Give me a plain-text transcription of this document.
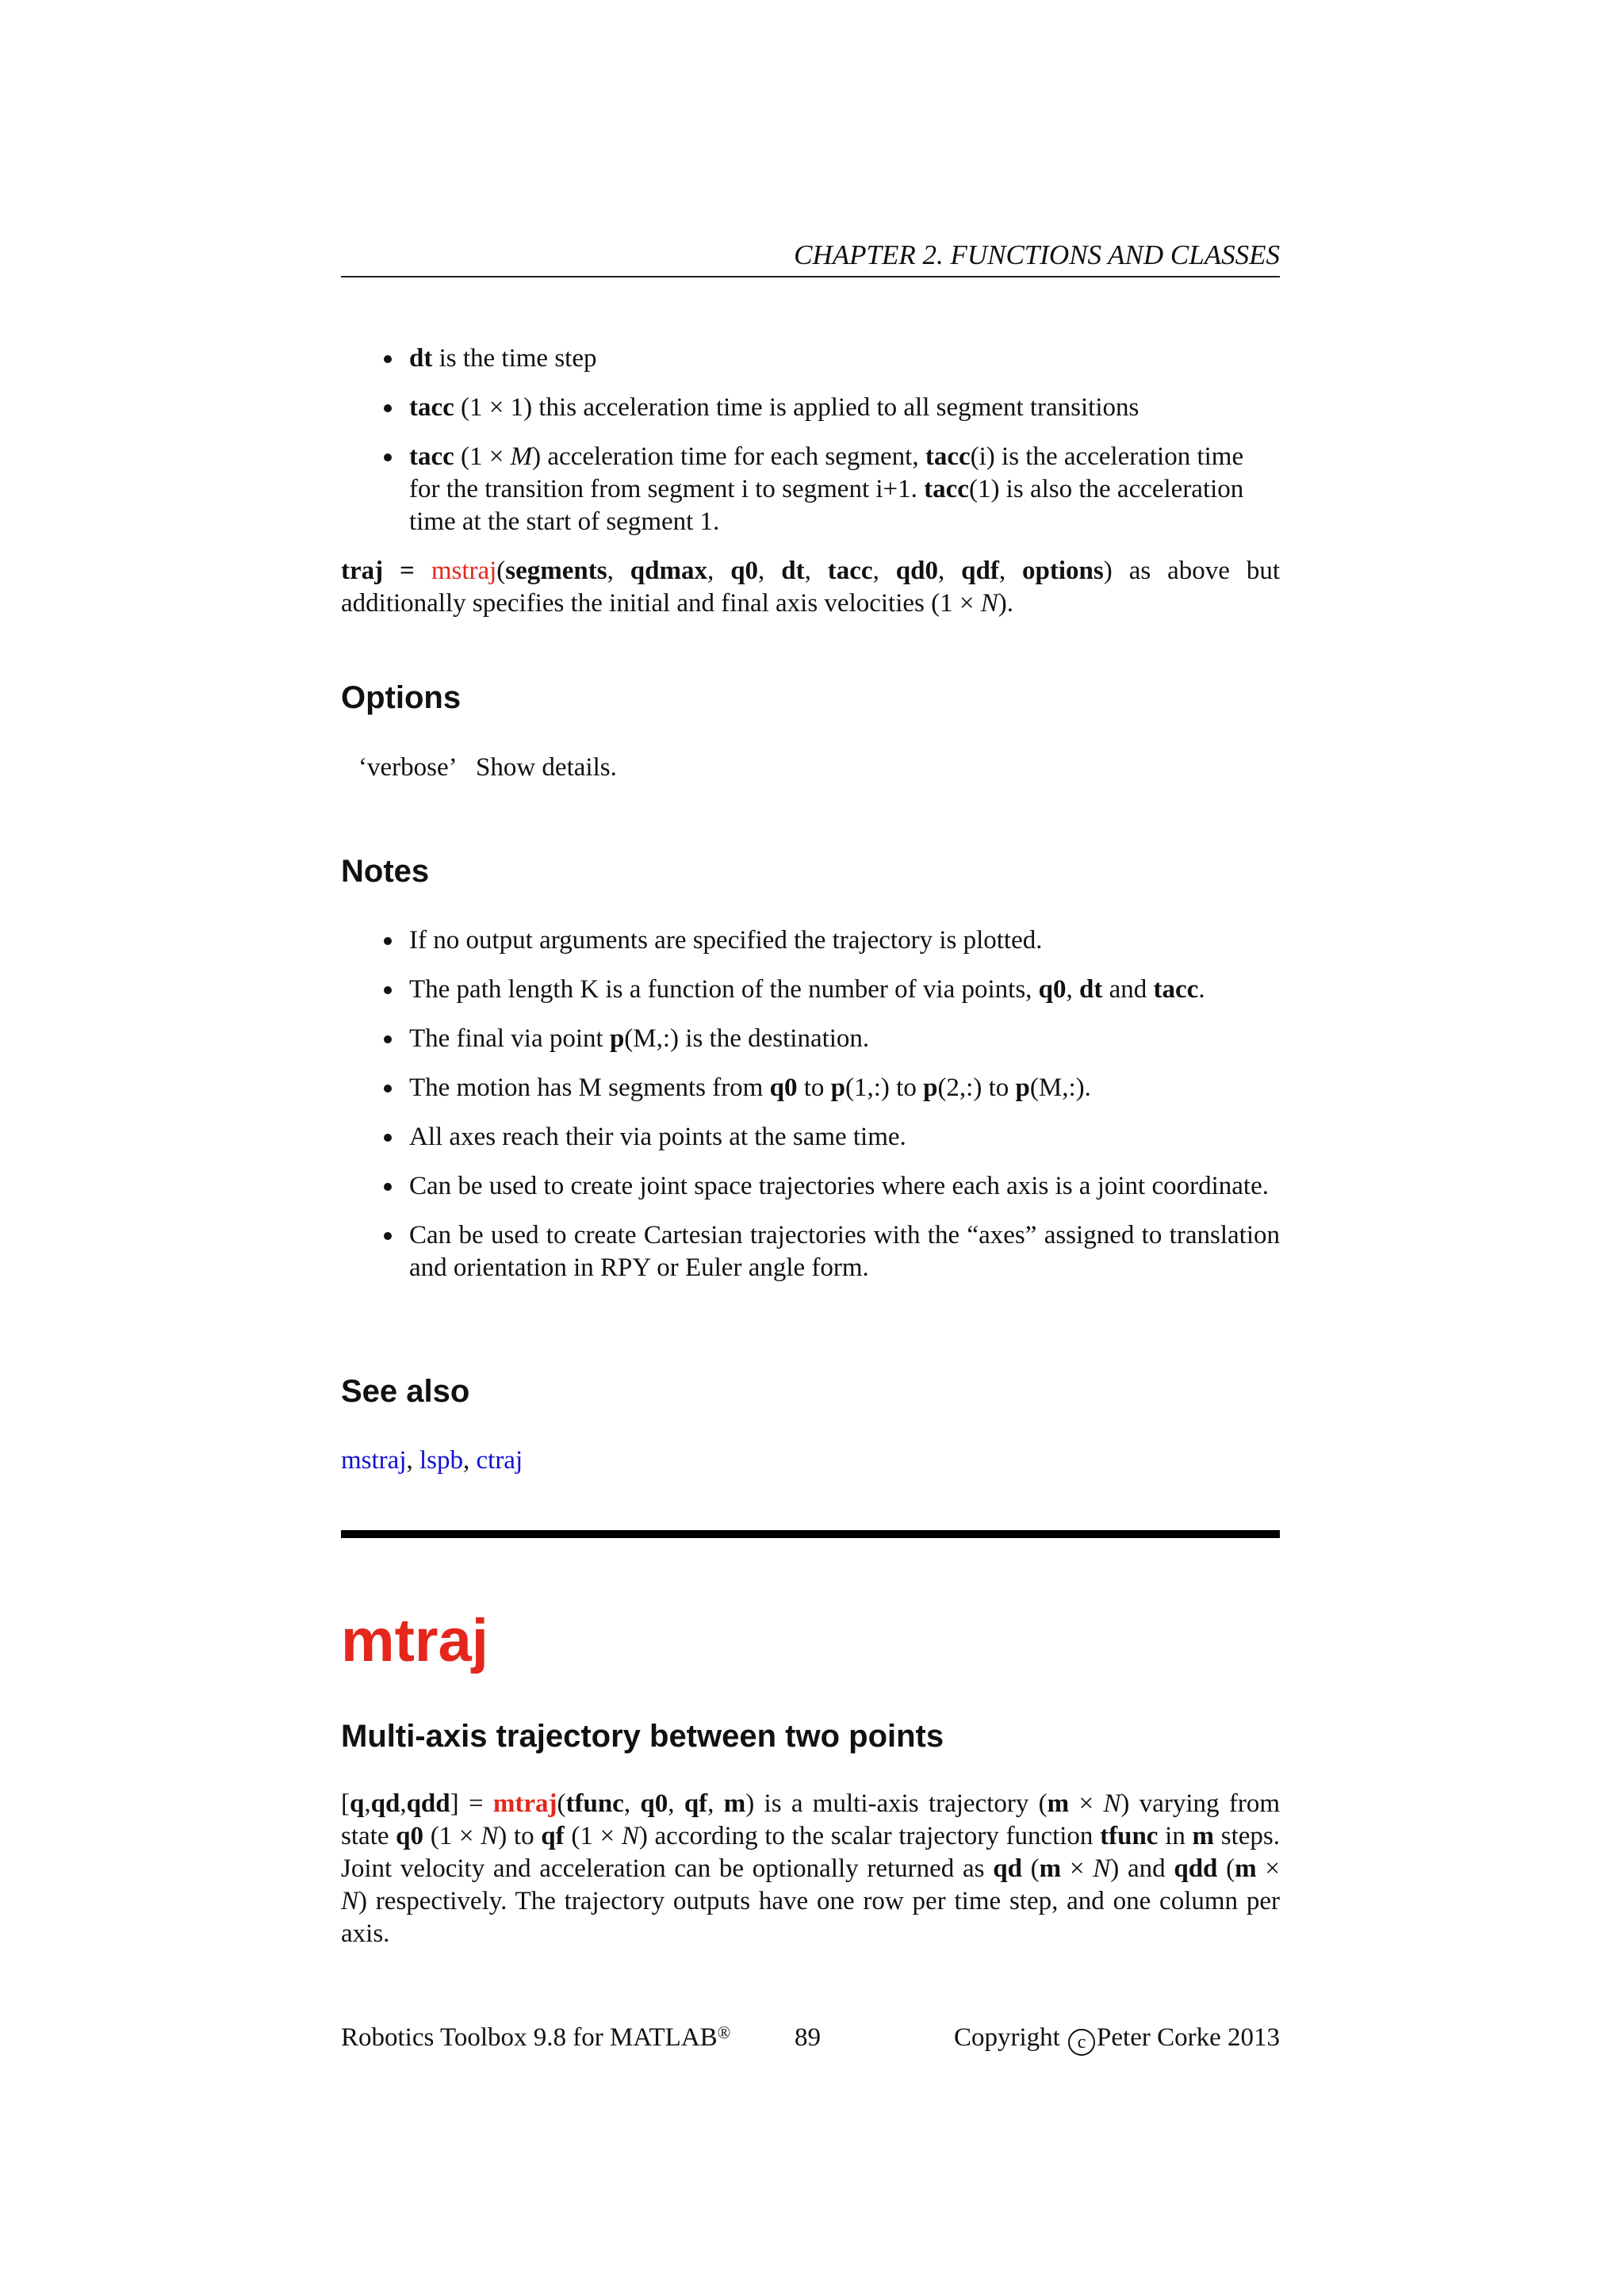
CHAPTER 2. FUNCTIONS AND CLASSES
dt is the time step
tacc (1 × 1) this acceleration time is applied to all segment transitions
tacc (1 × M) acceleration time for each segment, tacc(i) is the acceleration time for the transition from segment i to segment i+1. tacc(1) is also the acceleration time at the start of segment 1.

traj = mstraj(segments, qdmax, q0, dt, tacc, qd0, qdf, options) as above but additionally specifies the initial and final axis velocities (1 × N).

Options
‘verbose’ Show details.
Notes
If no output arguments are specified the trajectory is plotted.
The path length K is a function of the number of via points, q0, dt and tacc.
The final via point p(M,:) is the destination.
The motion has M segments from q0 to p(1,:) to p(2,:) to p(M,:).
All axes reach their via points at the same time.
Can be used to create joint space trajectories where each axis is a joint coordinate.
Can be used to create Cartesian trajectories with the “axes” assigned to translation and orientation in RPY or Euler angle form.
See also

mstraj, lspb, ctraj

mtraj
Multi-axis trajectory between two points

[q,qd,qdd] = mtraj(tfunc, q0, qf, m) is a multi-axis trajectory (m × N) varying from state q0 (1 × N) to qf (1 × N) according to the scalar trajectory function tfunc in m steps. Joint velocity and acceleration can be optionally returned as qd (m × N) and qdd (m × N) respectively. The trajectory outputs have one row per time step, and one column per axis.

Robotics Toolbox 9.8 for MATLAB® 89	Copyright c Peter Corke 2013
